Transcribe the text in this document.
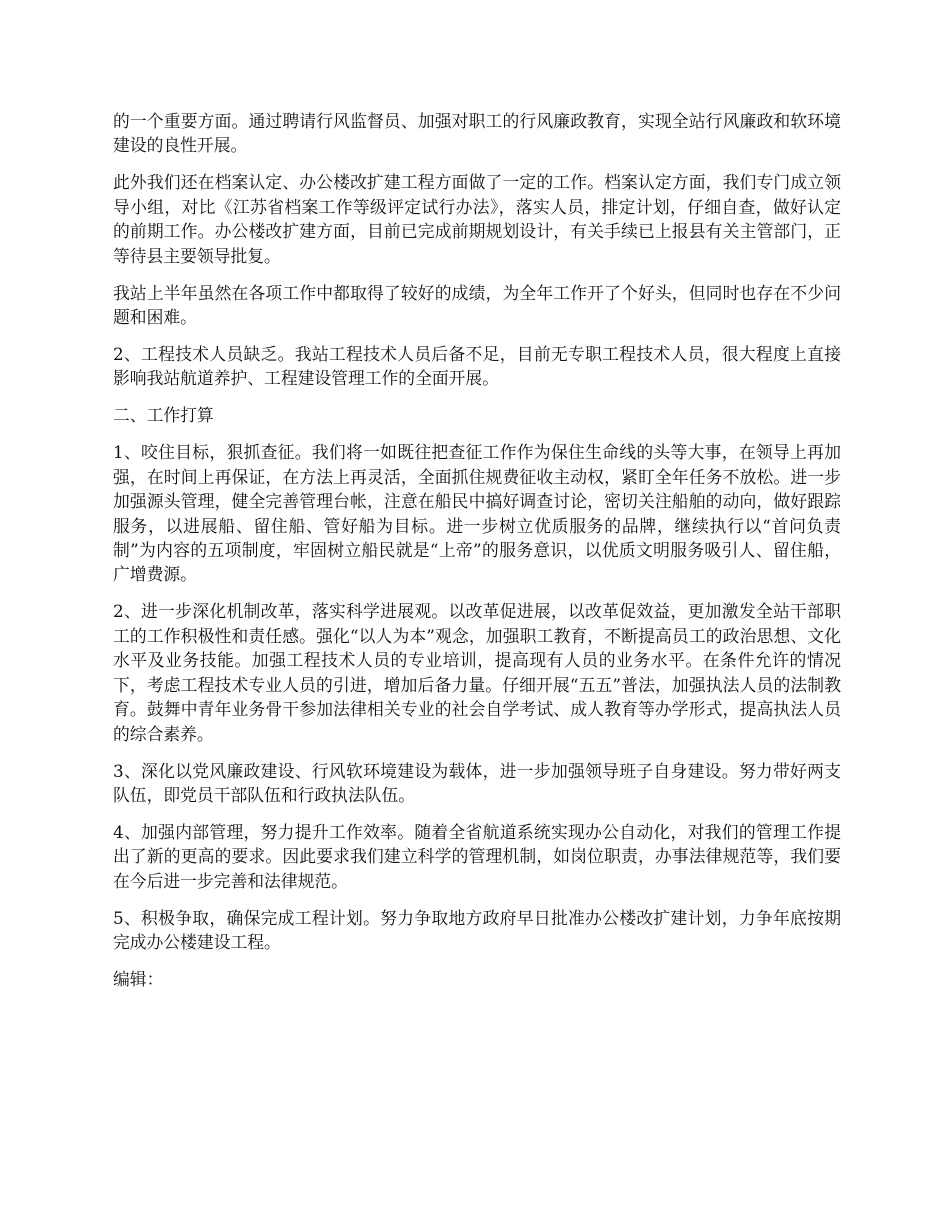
的一个重要方面。通过聘请行风监督员、加强对职工的行风廉政教育，实现全站行风廉政和软环境建设的良性开展。

此外我们还在档案认定、办公楼改扩建工程方面做了一定的工作。档案认定方面，我们专门成立领导小组，对比《江苏省档案工作等级评定试行办法》，落实人员，排定计划，仔细自查，做好认定的前期工作。办公楼改扩建方面，目前已完成前期规划设计，有关手续已上报县有关主管部门，正等待县主要领导批复。

我站上半年虽然在各项工作中都取得了较好的成绩，为全年工作开了个好头，但同时也存在不少问题和困难。

2、工程技术人员缺乏。我站工程技术人员后备不足，目前无专职工程技术人员，很大程度上直接影响我站航道养护、工程建设管理工作的全面开展。

二、工作打算

1、咬住目标，狠抓查征。我们将一如既往把查征工作作为保住生命线的头等大事，在领导上再加强，在时间上再保证，在方法上再灵活，全面抓住规费征收主动权，紧盯全年任务不放松。进一步加强源头管理，健全完善管理台帐，注意在船民中搞好调查讨论，密切关注船舶的动向，做好跟踪服务，以进展船、留住船、管好船为目标。进一步树立优质服务的品牌，继续执行以“首问负责制”为内容的五项制度，牢固树立船民就是“上帝”的服务意识，以优质文明服务吸引人、留住船，广增费源。

2、进一步深化机制改革，落实科学进展观。以改革促进展，以改革促效益，更加激发全站干部职工的工作积极性和责任感。强化“以人为本”观念，加强职工教育，不断提高员工的政治思想、文化水平及业务技能。加强工程技术人员的专业培训，提高现有人员的业务水平。在条件允许的情况下，考虑工程技术专业人员的引进，增加后备力量。仔细开展“五五”普法，加强执法人员的法制教育。鼓舞中青年业务骨干参加法律相关专业的社会自学考试、成人教育等办学形式，提高执法人员的综合素养。

3、深化以党风廉政建设、行风软环境建设为载体，进一步加强领导班子自身建设。努力带好两支队伍，即党员干部队伍和行政执法队伍。

4、加强内部管理，努力提升工作效率。随着全省航道系统实现办公自动化，对我们的管理工作提出了新的更高的要求。因此要求我们建立科学的管理机制，如岗位职责，办事法律规范等，我们要在今后进一步完善和法律规范。

5、积极争取，确保完成工程计划。努力争取地方政府早日批准办公楼改扩建计划，力争年底按期完成办公楼建设工程。

编辑：
